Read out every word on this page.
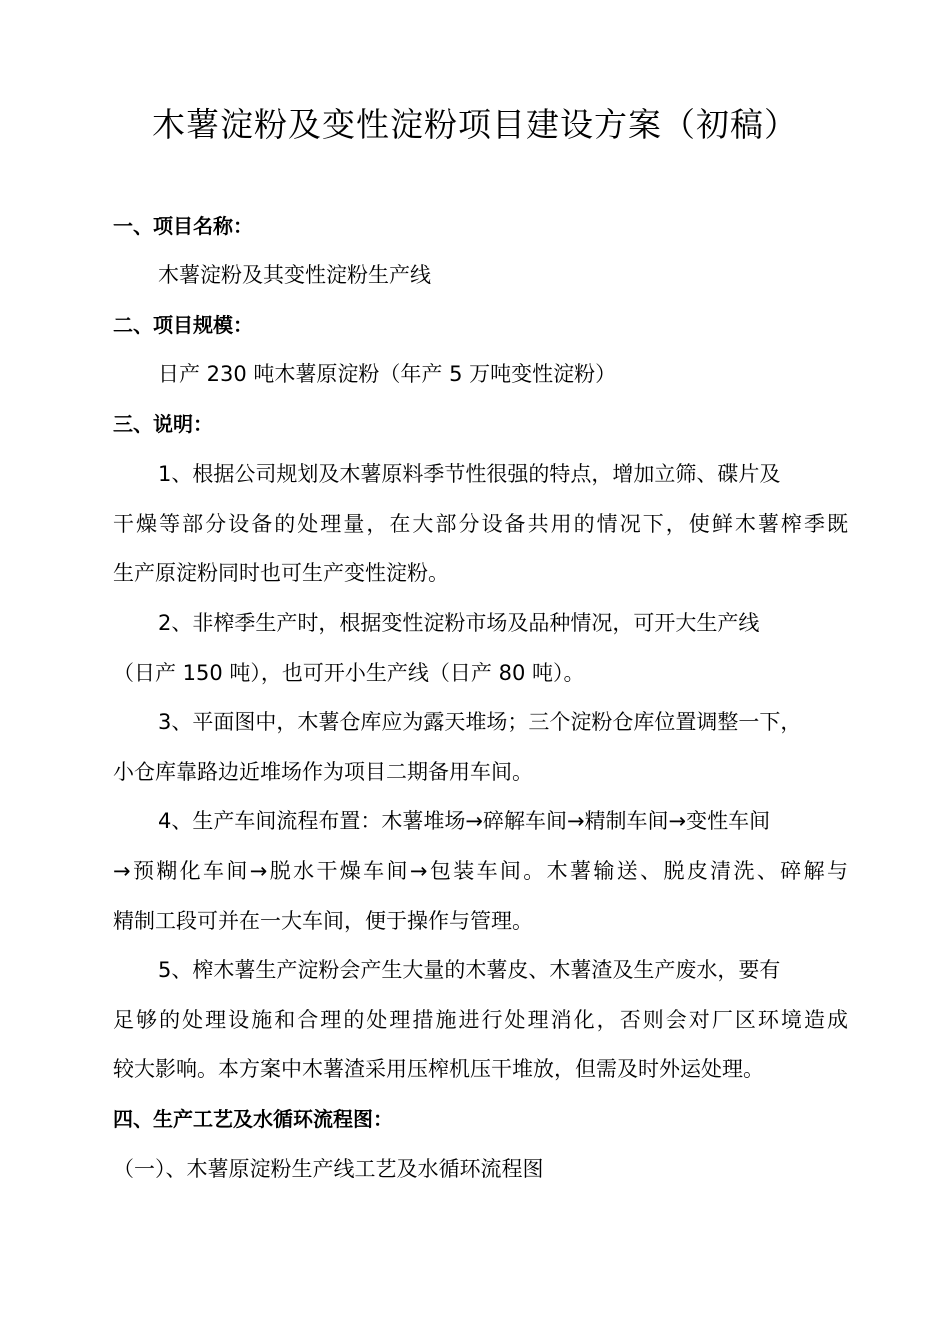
木薯淀粉及变性淀粉项目建设方案（初稿）

一、项目名称：

木薯淀粉及其变性淀粉生产线

二、项目规模：

日产 230 吨木薯原淀粉（年产 5 万吨变性淀粉）

三、说明：

1、根据公司规划及木薯原料季节性很强的特点，增加立筛、碟片及

干燥等部分设备的处理量，在大部分设备共用的情况下，使鲜木薯榨季既

生产原淀粉同时也可生产变性淀粉。

2、非榨季生产时，根据变性淀粉市场及品种情况，可开大生产线

（日产 150 吨），也可开小生产线（日产 80 吨）。

3、平面图中，木薯仓库应为露天堆场；三个淀粉仓库位置调整一下，

小仓库靠路边近堆场作为项目二期备用车间。

4、生产车间流程布置：木薯堆场→碎解车间→精制车间→变性车间

→预糊化车间→脱水干燥车间→包装车间。木薯输送、脱皮清洗、碎解与

精制工段可并在一大车间，便于操作与管理。

5、榨木薯生产淀粉会产生大量的木薯皮、木薯渣及生产废水，要有

足够的处理设施和合理的处理措施进行处理消化，否则会对厂区环境造成

较大影响。本方案中木薯渣采用压榨机压干堆放，但需及时外运处理。

四、生产工艺及水循环流程图：

（一）、木薯原淀粉生产线工艺及水循环流程图
